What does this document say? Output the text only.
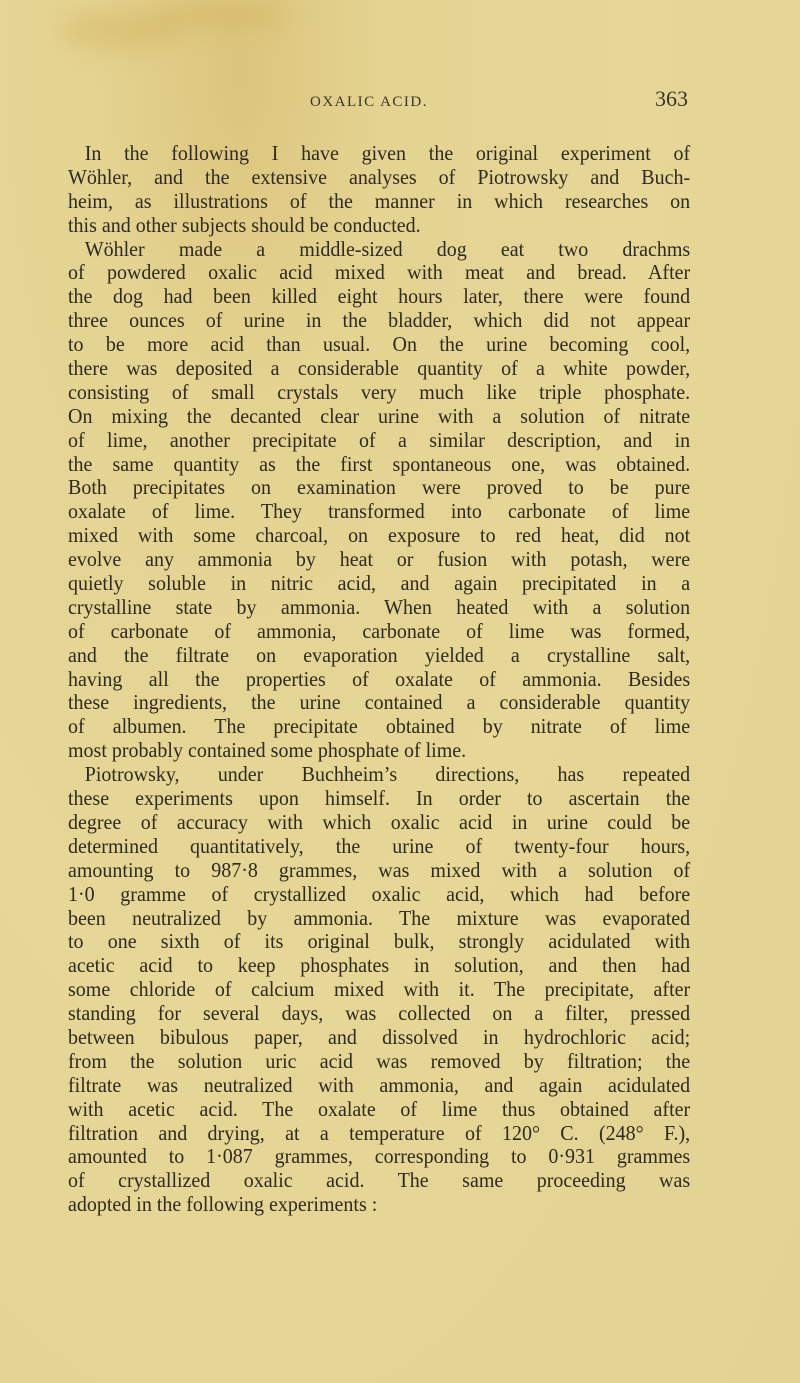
OXALIC ACID.	363
In the following I have given the original experiment of
Wöhler, and the extensive analyses of Piotrowsky and Buch-
heim, as illustrations of the manner in which researches on
this and other subjects should be conducted.
Wöhler made a middle-sized dog eat two drachms
of powdered oxalic acid mixed with meat and bread. After
the dog had been killed eight hours later, there were found
three ounces of urine in the bladder, which did not appear
to be more acid than usual. On the urine becoming cool,
there was deposited a considerable quantity of a white powder,
consisting of small crystals very much like triple phosphate.
On mixing the decanted clear urine with a solution of nitrate
of lime, another precipitate of a similar description, and in
the same quantity as the first spontaneous one, was obtained.
Both precipitates on examination were proved to be pure
oxalate of lime. They transformed into carbonate of lime
mixed with some charcoal, on exposure to red heat, did not
evolve any ammonia by heat or fusion with potash, were
quietly soluble in nitric acid, and again precipitated in a
crystalline state by ammonia. When heated with a solution
of carbonate of ammonia, carbonate of lime was formed,
and the filtrate on evaporation yielded a crystalline salt,
having all the properties of oxalate of ammonia. Besides
these ingredients, the urine contained a considerable quantity
of albumen. The precipitate obtained by nitrate of lime
most probably contained some phosphate of lime.
Piotrowsky, under Buchheim’s directions, has repeated
these experiments upon himself. In order to ascertain the
degree of accuracy with which oxalic acid in urine could be
determined quantitatively, the urine of twenty-four hours,
amounting to 987·8 grammes, was mixed with a solution of
1·0 gramme of crystallized oxalic acid, which had before
been neutralized by ammonia. The mixture was evaporated
to one sixth of its original bulk, strongly acidulated with
acetic acid to keep phosphates in solution, and then had
some chloride of calcium mixed with it. The precipitate, after
standing for several days, was collected on a filter, pressed
between bibulous paper, and dissolved in hydrochloric acid;
from the solution uric acid was removed by filtration; the
filtrate was neutralized with ammonia, and again acidulated
with acetic acid. The oxalate of lime thus obtained after
filtration and drying, at a temperature of 120° C. (248° F.),
amounted to 1·087 grammes, corresponding to 0·931 grammes
of crystallized oxalic acid. The same proceeding was
adopted in the following experiments :
